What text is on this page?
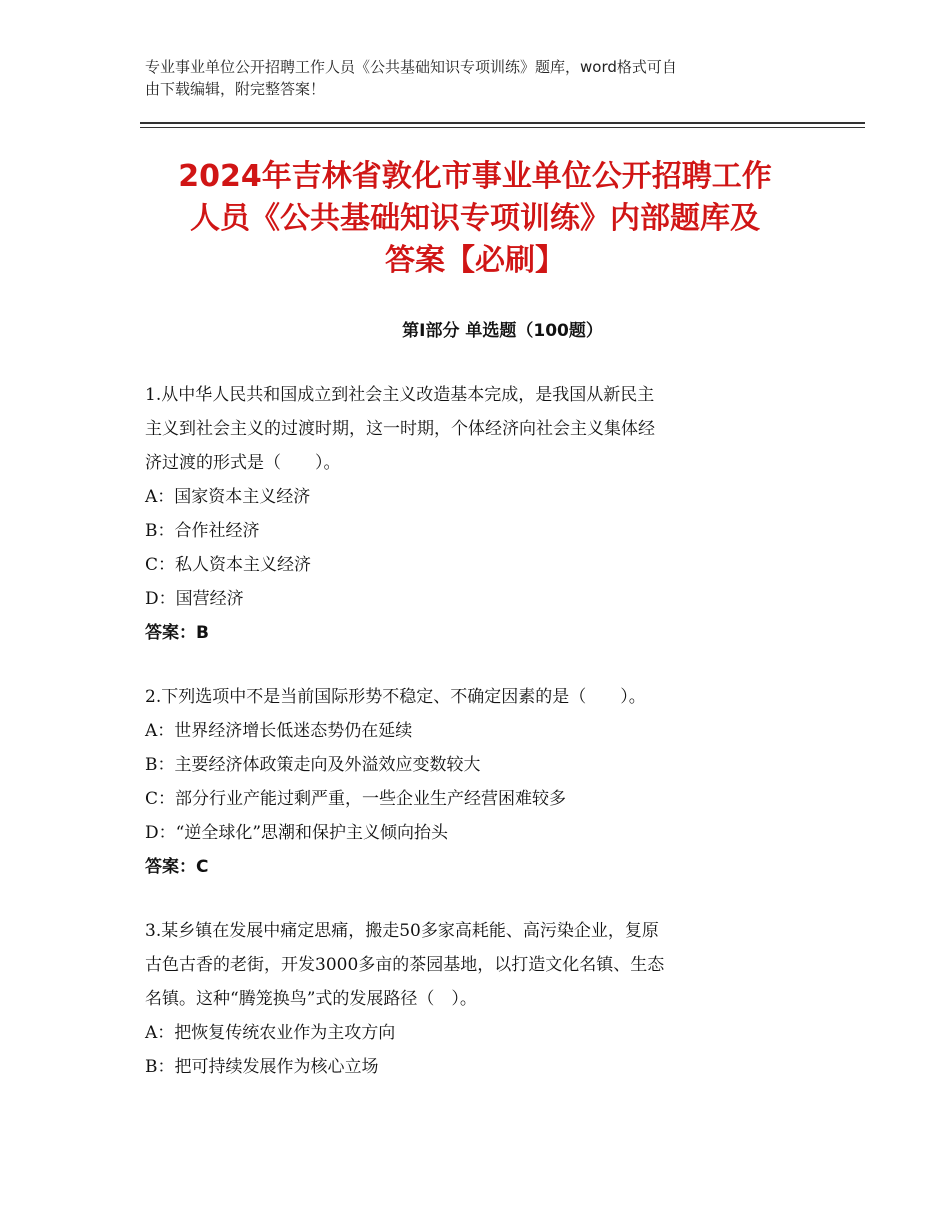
专业事业单位公开招聘工作人员《公共基础知识专项训练》题库，word格式可自
由下载编辑，附完整答案！
2024年吉林省敦化市事业单位公开招聘工作
人员《公共基础知识专项训练》内部题库及
答案【必刷】
第Ⅰ部分 单选题（100题）
1.从中华人民共和国成立到社会主义改造基本完成，是我国从新民主
主义到社会主义的过渡时期，这一时期，个体经济向社会主义集体经
济过渡的形式是（　　）。
A：国家资本主义经济
B：合作社经济
C：私人资本主义经济
D：国营经济
答案：B
2.下列选项中不是当前国际形势不稳定、不确定因素的是（　　）。
A：世界经济增长低迷态势仍在延续
B：主要经济体政策走向及外溢效应变数较大
C：部分行业产能过剩严重，一些企业生产经营困难较多
D：“逆全球化”思潮和保护主义倾向抬头
答案：C
3.某乡镇在发展中痛定思痛，搬走50多家高耗能、高污染企业，复原
古色古香的老街，开发3000多亩的茶园基地，以打造文化名镇、生态
名镇。这种“腾笼换鸟”式的发展路径（　）。
A：把恢复传统农业作为主攻方向
B：把可持续发展作为核心立场
